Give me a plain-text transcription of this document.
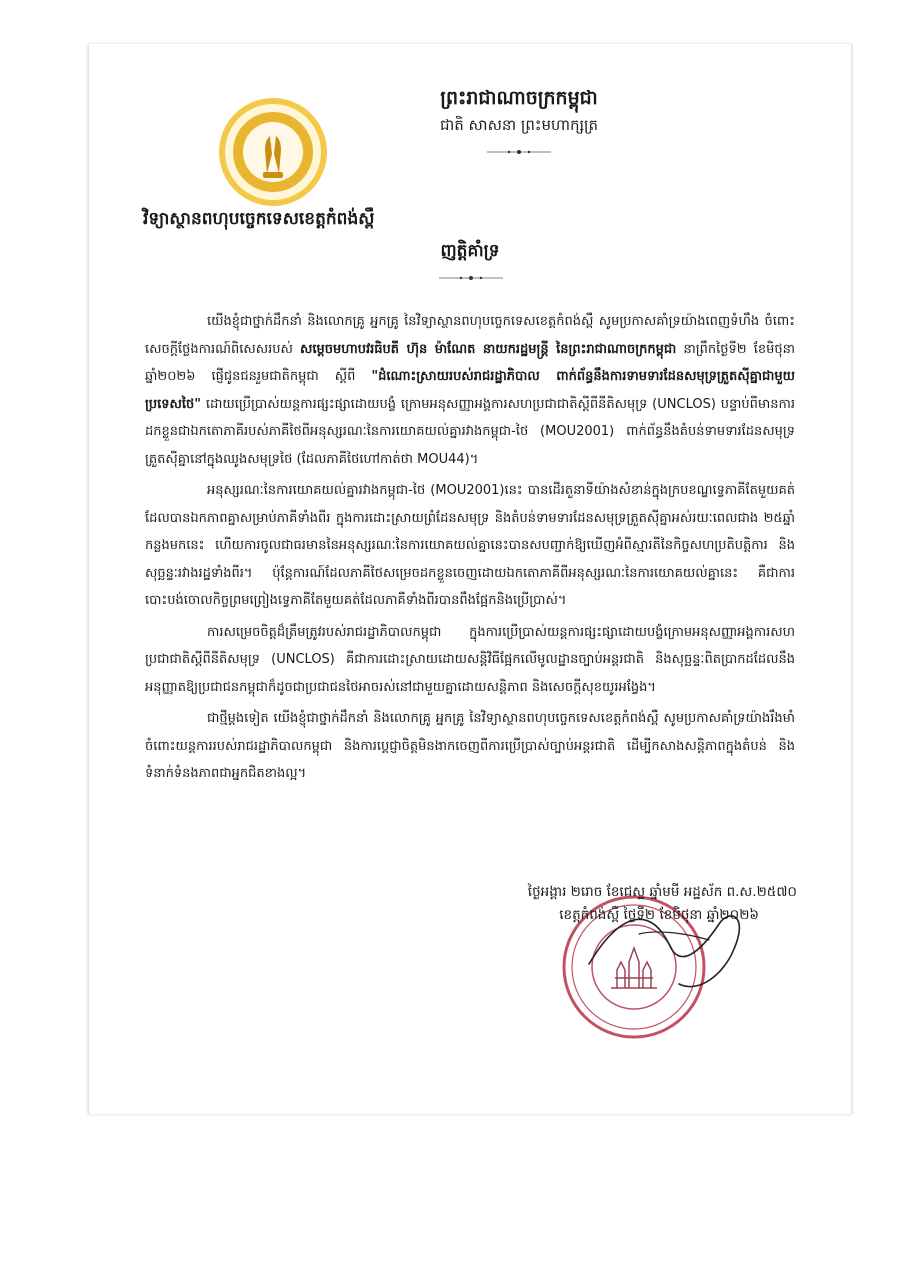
ព្រះរាជាណាចក្រកម្ពុជា
ជាតិ សាសនា ព្រះមហាក្សត្រ
វិទ្យាស្ថានពហុបច្ចេកទេសខេត្តកំពង់ស្ពឺ
ញត្តិគាំទ្រ

យើងខ្ញុំជាថ្នាក់ដឹកនាំ និងលោកគ្រូ អ្នកគ្រូ នៃវិទ្យាស្ថានពហុបច្ចេកទេសខេត្តកំពង់ស្ពឺ សូមប្រកាសគាំទ្រយ៉ាងពេញទំហឹង ចំពោះសេចក្តីថ្លែងការណ៍ពិសេសរបស់ សម្តេចមហាបវរធិបតី ហ៊ុន ម៉ាណែត នាយករដ្ឋមន្ត្រី នៃព្រះរាជាណាចក្រកម្ពុជា នាព្រឹកថ្ងៃទី២ ខែមិថុនា ឆ្នាំ២០២៦ ផ្ញើជូនជនរួមជាតិកម្ពុជា ស្តីពី "ដំណោះស្រាយរបស់រាជរដ្ឋាភិបាល ពាក់ព័ន្ធនឹងការទាមទារដែនសមុទ្រត្រួតស៊ីគ្នាជាមួយប្រទេសថៃ" ដោយប្រើប្រាស់យន្តការផ្សះផ្សាដោយបង្ខំ ក្រោមអនុសញ្ញាអង្គការសហប្រជាជាតិស្តីពីនីតិសមុទ្រ (UNCLOS) បន្ទាប់ពីមានការដកខ្លួនជាឯកតោភាគីរបស់ភាគីថៃពីអនុស្សរណៈនៃការយោគយល់គ្នារវាងកម្ពុជា-ថៃ (MOU2001) ពាក់ព័ន្ធនឹងតំបន់ទាមទារដែនសមុទ្រត្រួតស៊ីគ្នានៅក្នុងឈូងសមុទ្រថៃ (ដែលភាគីថៃហៅកាត់ថា MOU44)។

អនុស្សរណៈនៃការយោគយល់គ្នារវាងកម្ពុជា-ថៃ (MOU2001)នេះ បានដើរតួនាទីយ៉ាងសំខាន់ក្នុងក្របខណ្ឌទ្វេភាគីតែមួយគត់ដែលបានឯកភាពគ្នាសម្រាប់ភាគីទាំងពីរ ក្នុងការដោះស្រាយព្រំដែនសមុទ្រ និងតំបន់ទាមទារដែនសមុទ្រត្រួតស៊ីគ្នាអស់រយៈពេលជាង ២៥ឆ្នាំកន្លងមកនេះ ហើយការចូលជាធរមាននៃអនុស្សរណៈនៃការយោគយល់គ្នានេះបានសបញ្ជាក់ឱ្យឃើញអំពីស្មារតីនៃកិច្ចសហប្រតិបត្តិការ និងសុច្ឆន្ទៈរវាងរដ្ឋទាំងពីរ។ ប៉ុន្តែការណ៍ដែលភាគីថៃសម្រេចដកខ្លួនចេញដោយឯកតោភាគីពីអនុស្សរណៈនៃការយោគយល់គ្នានេះ គឺជាការបោះបង់ចោលកិច្ចព្រមព្រៀងទ្វេភាគីតែមួយគត់ដែលភាគីទាំងពីរបានពឹងផ្អែកនិងប្រើប្រាស់។

ការសម្រេចចិត្តដ៏ត្រឹមត្រូវរបស់រាជរដ្ឋាភិបាលកម្ពុជា ក្នុងការប្រើប្រាស់យន្តការផ្សះផ្សាដោយបង្ខំក្រោមអនុសញ្ញាអង្គការសហប្រជាជាតិស្តីពីនីតិសមុទ្រ (UNCLOS) គឺជាការដោះស្រាយដោយសន្តិវិធីផ្អែកលើមូលដ្ឋានច្បាប់អន្តរជាតិ និងសុច្ឆន្ទៈពិតប្រាកដដែលនឹងអនុញ្ញាតឱ្យប្រជាជនកម្ពុជាក៏ដូចជាប្រជាជនថៃអាចរស់នៅជាមួយគ្នាដោយសន្តិភាព និងសេចក្តីសុខយូរអង្វែង។

ជាថ្មីម្តងទៀត យើងខ្ញុំជាថ្នាក់ដឹកនាំ និងលោកគ្រូ អ្នកគ្រូ នៃវិទ្យាស្ថានពហុបច្ចេកទេសខេត្តកំពង់ស្ពឺ សូមប្រកាសគាំទ្រយ៉ាងរឹងមាំចំពោះយន្តការរបស់រាជរដ្ឋាភិបាលកម្ពុជា និងការប្តេជ្ញាចិត្តមិនងាកចេញពីការប្រើប្រាស់ច្បាប់អន្តរជាតិ ដើម្បីកសាងសន្តិភាពក្នុងតំបន់ និងទំនាក់ទំនងភាពជាអ្នកជិតខាងល្អ។

ថ្ងៃអង្គារ ២រោច ខែជេស្ឋ ឆ្នាំមមី អដ្ឋស័ក ព.ស.២៥៧០
ខេត្តកំពង់ស្ពឺ ថ្ងៃទី២ ខែមិថុនា ឆ្នាំ២០២៦
